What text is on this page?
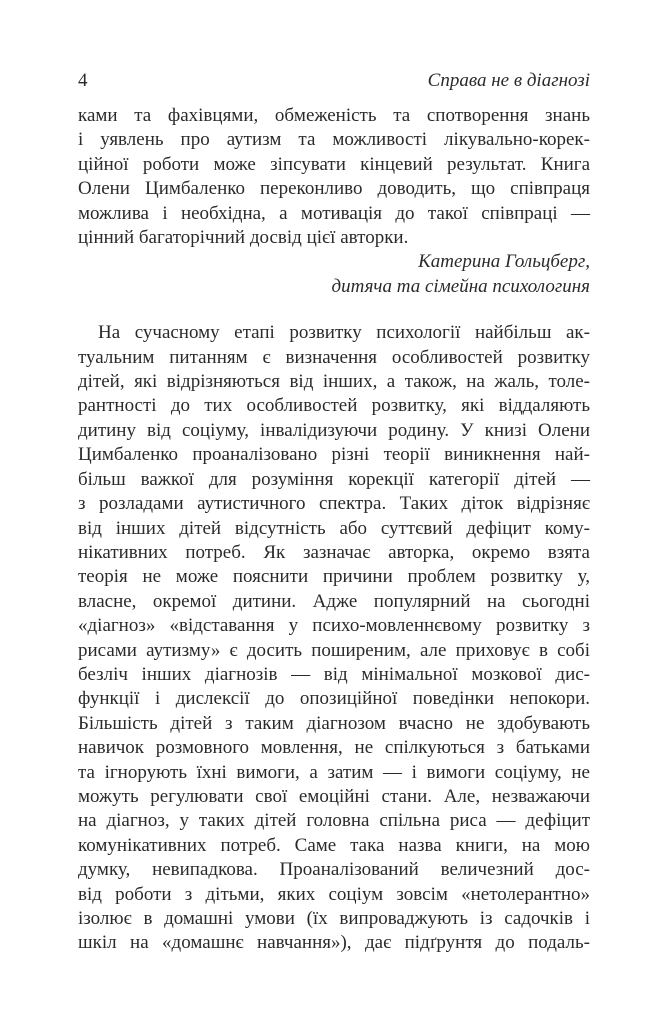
4	Справа не в діагнозі
ками та фахівцями, обмеженість та спотворення знань
і уявлень про аутизм та можливості лікувально-корек-
ційної роботи може зіпсувати кінцевий результат. Книга
Олени Цимбаленко переконливо доводить, що співпраця
можлива і необхідна, а мотивація до такої співпраці —
цінний багаторічний досвід цієї авторки.
Катерина Гольцберг,
дитяча та сімейна психологиня
На сучасному етапі розвитку психології найбільш ак-
туальним питанням є визначення особливостей розвитку
дітей, які відрізняються від інших, а також, на жаль, толе-
рантності до тих особливостей розвитку, які віддаляють
дитину від соціуму, інвалідизуючи родину. У книзі Олени
Цимбаленко проаналізовано різні теорії виникнення най-
більш важкої для розуміння корекції категорії дітей —
з розладами аутистичного спектра. Таких діток відрізняє
від інших дітей відсутність або суттєвий дефіцит кому-
нікативних потреб. Як зазначає авторка, окремо взята
теорія не може пояснити причини проблем розвитку у,
власне, окремої дитини. Адже популярний на сьогодні
«діагноз» «відставання у психо-мовленнєвому розвитку з
рисами аутизму» є досить поширеним, але приховує в собі
безліч інших діагнозів — від мінімальної мозкової дис-
функції і дислексії до опозиційної поведінки непокори.
Більшість дітей з таким діагнозом вчасно не здобувають
навичок розмовного мовлення, не спілкуються з батьками
та ігнорують їхні вимоги, а затим — і вимоги соціуму, не
можуть регулювати свої емоційні стани. Але, незважаючи
на діагноз, у таких дітей головна спільна риса — дефіцит
комунікативних потреб. Саме така назва книги, на мою
думку, невипадкова. Проаналізований величезний дос-
від роботи з дітьми, яких соціум зовсім «нетолерантно»
ізолює в домашні умови (їх випроваджують із садочків і
шкіл на «домашнє навчання»), дає підґрунтя до подаль-
